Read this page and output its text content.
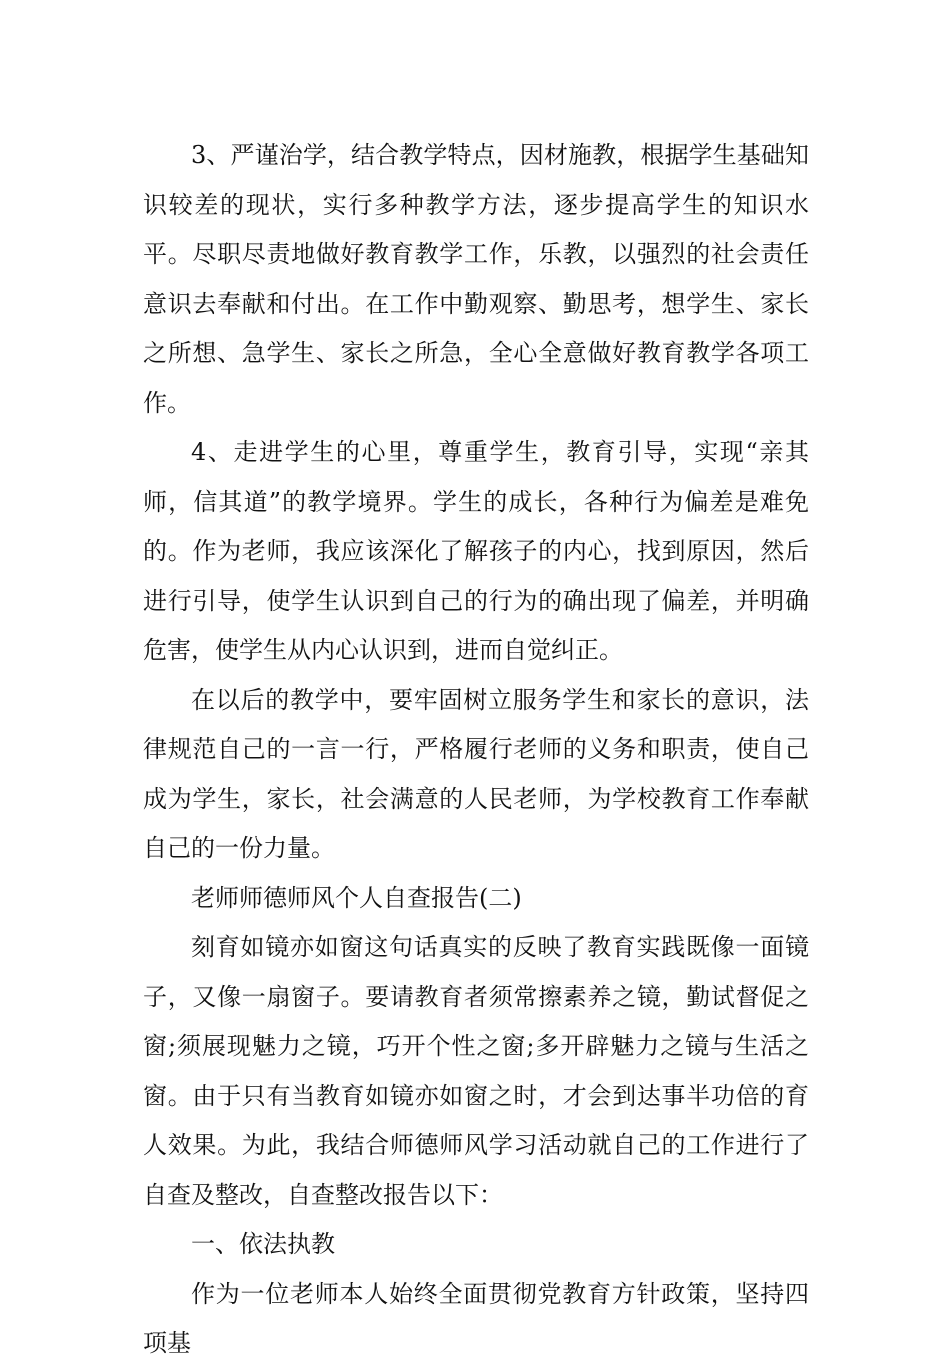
3、严谨治学，结合教学特点，因材施教，根据学生基础知识较差的现状，实行多种教学方法，逐步提高学生的知识水平。尽职尽责地做好教育教学工作，乐教，以强烈的社会责任意识去奉献和付出。在工作中勤观察、勤思考，想学生、家长之所想、急学生、家长之所急，全心全意做好教育教学各项工作。

4、走进学生的心里，尊重学生，教育引导，实现“亲其师，信其道”的教学境界。学生的成长，各种行为偏差是难免的。作为老师，我应该深化了解孩子的内心，找到原因，然后进行引导，使学生认识到自己的行为的确出现了偏差，并明确危害，使学生从内心认识到，进而自觉纠正。

在以后的教学中，要牢固树立服务学生和家长的意识，法律规范自己的一言一行，严格履行老师的义务和职责，使自己成为学生，家长，社会满意的人民老师，为学校教育工作奉献自己的一份力量。

老师师德师风个人自查报告(二)

刻育如镜亦如窗这句话真实的反映了教育实践既像一面镜子，又像一扇窗子。要请教育者须常擦素养之镜，勤试督促之窗;须展现魅力之镜，巧开个性之窗;多开辟魅力之镜与生活之窗。由于只有当教育如镜亦如窗之时，才会到达事半功倍的育人效果。为此，我结合师德师风学习活动就自己的工作进行了自查及整改，自查整改报告以下：

一、依法执教

作为一位老师本人始终全面贯彻党教育方针政策，坚持四项基
